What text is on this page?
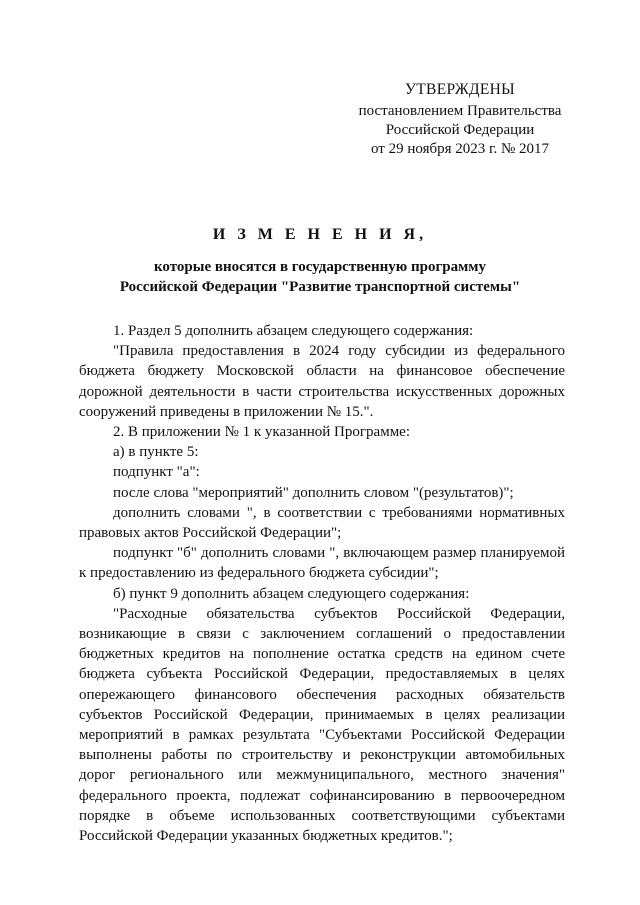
УТВЕРЖДЕНЫ
постановлением Правительства
Российской Федерации
от 29 ноября 2023 г. № 2017
И З М Е Н Е Н И Я,
которые вносятся в государственную программу
Российской Федерации "Развитие транспортной системы"

1. Раздел 5 дополнить абзацем следующего содержания:

"Правила предоставления в 2024 году субсидии из федерального бюджета бюджету Московской области на финансовое обеспечение дорожной деятельности в части строительства искусственных дорожных сооружений приведены в приложении № 15.".

2. В приложении № 1 к указанной Программе:

а) в пункте 5:

подпункт "а":

после слова "мероприятий" дополнить словом "(результатов)";

дополнить словами ", в соответствии с требованиями нормативных правовых актов Российской Федерации";

подпункт "б" дополнить словами ", включающем размер планируемой к предоставлению из федерального бюджета субсидии";

б) пункт 9 дополнить абзацем следующего содержания:

"Расходные обязательства субъектов Российской Федерации, возникающие в связи с заключением соглашений о предоставлении бюджетных кредитов на пополнение остатка средств на едином счете бюджета субъекта Российской Федерации, предоставляемых в целях опережающего финансового обеспечения расходных обязательств субъектов Российской Федерации, принимаемых в целях реализации мероприятий в рамках результата "Субъектами Российской Федерации выполнены работы по строительству и реконструкции автомобильных дорог регионального или межмуниципального, местного значения" федерального проекта, подлежат софинансированию в первоочередном порядке в объеме использованных соответствующими субъектами Российской Федерации указанных бюджетных кредитов.";
